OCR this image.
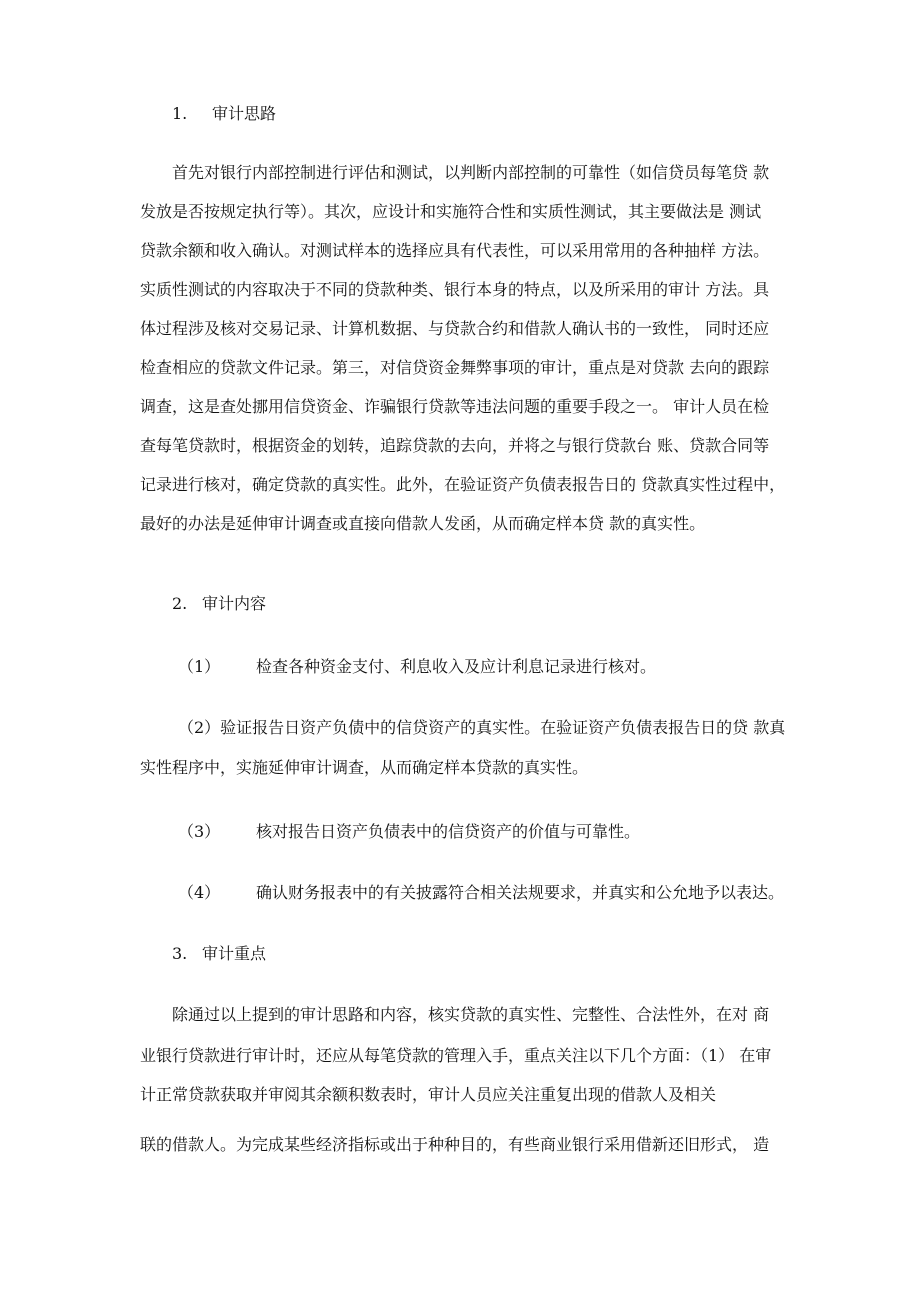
1. 审计思路
首先对银行内部控制进行评估和测试，以判断内部控制的可靠性（如信贷员每笔贷 款
发放是否按规定执行等）。其次，应设计和实施符合性和实质性测试，其主要做法是 测试
贷款余额和收入确认。对测试样本的选择应具有代表性，可以采用常用的各种抽样 方法。
实质性测试的内容取决于不同的贷款种类、银行本身的特点，以及所采用的审计 方法。具
体过程涉及核对交易记录、计算机数据、与贷款合约和借款人确认书的一致性， 同时还应
检查相应的贷款文件记录。第三，对信贷资金舞弊事项的审计，重点是对贷款 去向的跟踪
调查，这是查处挪用信贷资金、诈骗银行贷款等违法问题的重要手段之一。 审计人员在检
查每笔贷款时，根据资金的划转，追踪贷款的去向，并将之与银行贷款台 账、贷款合同等
记录进行核对，确定贷款的真实性。此外，在验证资产负债表报告日的 贷款真实性过程中，
最好的办法是延伸审计调查或直接向借款人发函，从而确定样本贷 款的真实性。
2. 审计内容
（1） 检查各种资金支付、利息收入及应计利息记录进行核对。
（2）验证报告日资产负债中的信贷资产的真实性。在验证资产负债表报告日的贷 款真
实性程序中，实施延伸审计调查，从而确定样本贷款的真实性。
（3） 核对报告日资产负债表中的信贷资产的价值与可靠性。
（4） 确认财务报表中的有关披露符合相关法规要求，并真实和公允地予以表达。
3. 审计重点
除通过以上提到的审计思路和内容，核实贷款的真实性、完整性、合法性外，在对 商
业银行贷款进行审计时，还应从每笔贷款的管理入手，重点关注以下几个方面：（1） 在审
计正常贷款获取并审阅其余额积数表时，审计人员应关注重复出现的借款人及相关
联的借款人。为完成某些经济指标或出于种种目的，有些商业银行采用借新还旧形式， 造
